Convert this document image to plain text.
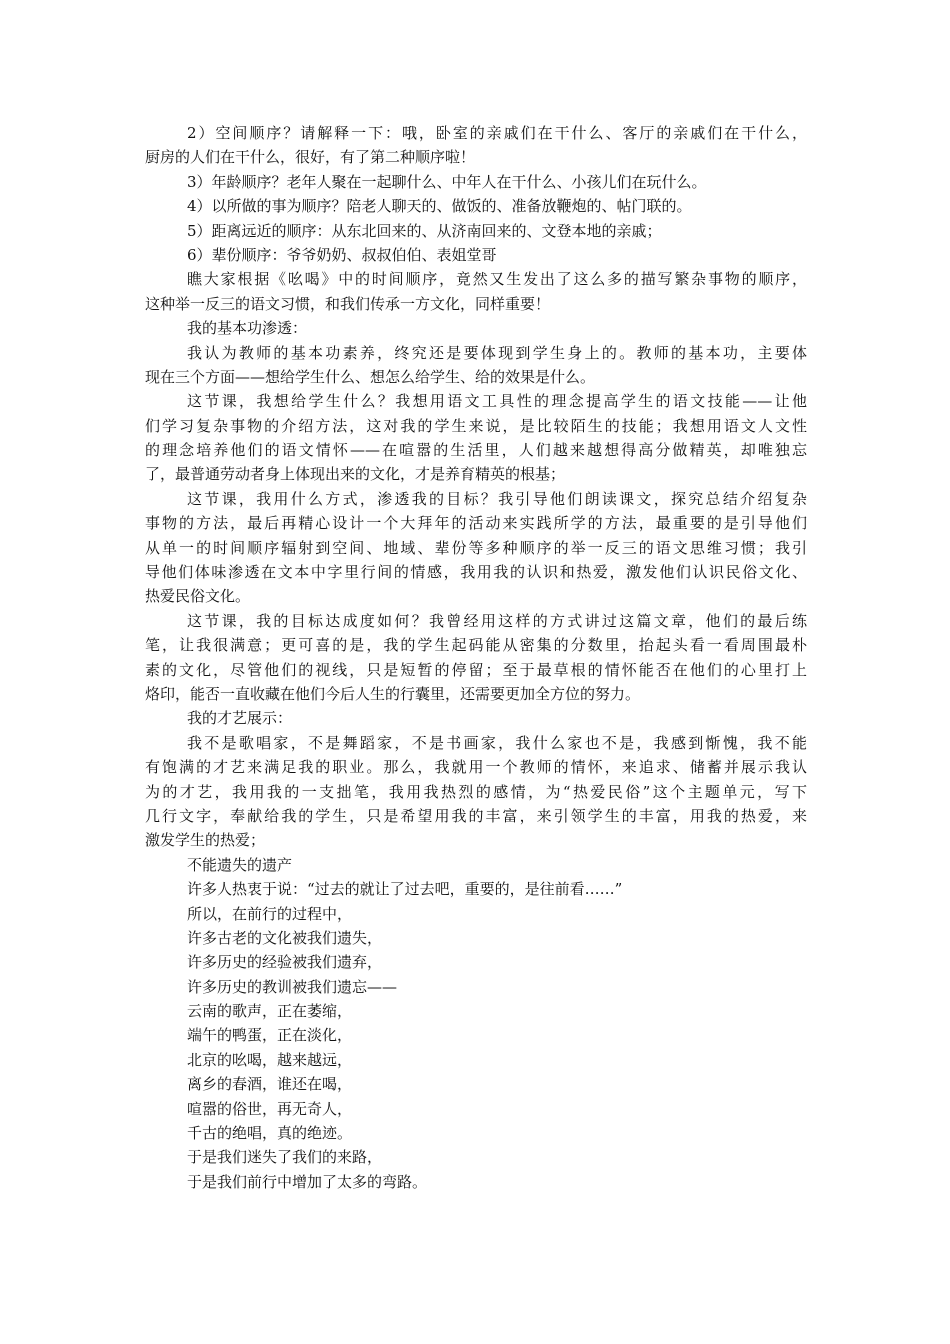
2）空间顺序？请解释一下：哦，卧室的亲戚们在干什么、客厅的亲戚们在干什么，
厨房的人们在干什么，很好，有了第二种顺序啦！
3）年龄顺序？老年人聚在一起聊什么、中年人在干什么、小孩儿们在玩什么。
4）以所做的事为顺序？陪老人聊天的、做饭的、准备放鞭炮的、帖门联的。
5）距离远近的顺序：从东北回来的、从济南回来的、文登本地的亲戚；
6）辈份顺序：爷爷奶奶、叔叔伯伯、表姐堂哥
瞧大家根据《吆喝》中的时间顺序，竟然又生发出了这么多的描写繁杂事物的顺序，
这种举一反三的语文习惯，和我们传承一方文化，同样重要！
我的基本功渗透：
我认为教师的基本功素养，终究还是要体现到学生身上的。教师的基本功，主要体
现在三个方面——想给学生什么、想怎么给学生、给的效果是什么。
这节课，我想给学生什么？我想用语文工具性的理念提高学生的语文技能——让他
们学习复杂事物的介绍方法，这对我的学生来说，是比较陌生的技能；我想用语文人文性
的理念培养他们的语文情怀——在喧嚣的生活里，人们越来越想得高分做精英，却唯独忘
了，最普通劳动者身上体现出来的文化，才是养育精英的根基；
这节课，我用什么方式，渗透我的目标？我引导他们朗读课文，探究总结介绍复杂
事物的方法，最后再精心设计一个大拜年的活动来实践所学的方法，最重要的是引导他们
从单一的时间顺序辐射到空间、地域、辈份等多种顺序的举一反三的语文思维习惯；我引
导他们体味渗透在文本中字里行间的情感，我用我的认识和热爱，激发他们认识民俗文化、
热爱民俗文化。
这节课，我的目标达成度如何？我曾经用这样的方式讲过这篇文章，他们的最后练
笔，让我很满意；更可喜的是，我的学生起码能从密集的分数里，抬起头看一看周围最朴
素的文化，尽管他们的视线，只是短暂的停留；至于最草根的情怀能否在他们的心里打上
烙印，能否一直收藏在他们今后人生的行囊里，还需要更加全方位的努力。
我的才艺展示：
我不是歌唱家，不是舞蹈家，不是书画家，我什么家也不是，我感到惭愧，我不能
有饱满的才艺来满足我的职业。那么，我就用一个教师的情怀，来追求、储蓄并展示我认
为的才艺，我用我的一支拙笔，我用我热烈的感情，为“热爱民俗”这个主题单元，写下
几行文字，奉献给我的学生，只是希望用我的丰富，来引领学生的丰富，用我的热爱，来
激发学生的热爱；
不能遗失的遗产
许多人热衷于说：“过去的就让了过去吧，重要的，是往前看……”
所以，在前行的过程中，
许多古老的文化被我们遗失，
许多历史的经验被我们遗弃，
许多历史的教训被我们遗忘——
云南的歌声，正在萎缩，
端午的鸭蛋，正在淡化，
北京的吆喝，越来越远，
离乡的春酒，谁还在喝，
喧嚣的俗世，再无奇人，
千古的绝唱，真的绝迹。
于是我们迷失了我们的来路，
于是我们前行中增加了太多的弯路。
